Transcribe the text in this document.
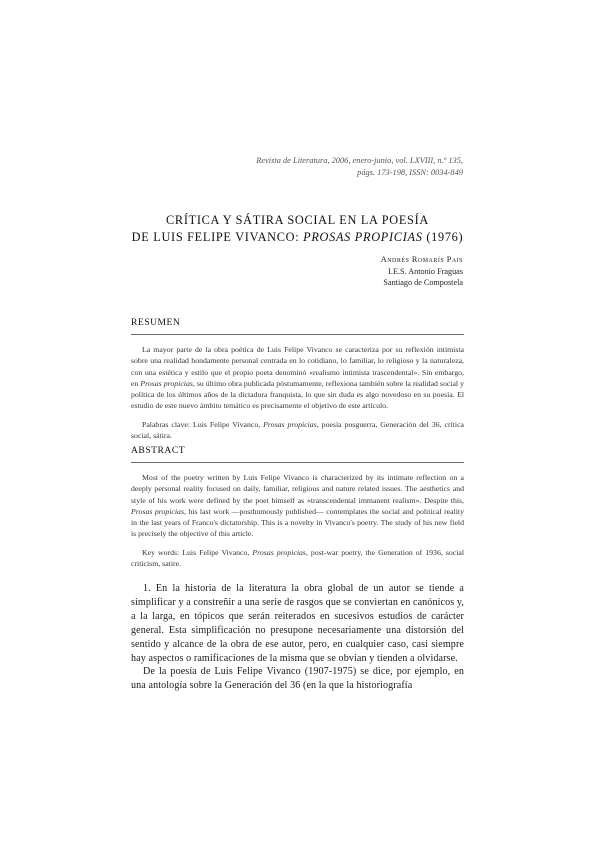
Revista de Literatura, 2006, enero-junio, vol. LXVIII, n.º 135,
págs. 173-198, ISSN: 0034-849
CRÍTICA Y SÁTIRA SOCIAL EN LA POESÍA
DE LUIS FELIPE VIVANCO: PROSAS PROPICIAS (1976)
Andrés Romarís Pais
I.E.S. Antonio Fraguas
Santiago de Compostela
RESUMEN

La mayor parte de la obra poética de Luis Felipe Vivanco se caracteriza por su reflexión intimista sobre una realidad hondamente personal centrada en lo cotidiano, lo familiar, lo religioso y la naturaleza, con una estética y estilo que el propio poeta denominó «realismo intimista trascendental». Sin embargo, en Prosas propicias, su último obra publicada póstumamente, reflexiona también sobre la realidad social y política de los últimos años de la dictadura franquista, lo que sin duda es algo novedoso en su poesía. El estudio de este nuevo ámbito temático es precisamente el objetivo de este artículo.

Palabras clave: Luis Felipe Vivanco, Prosas propicias, poesía posguerra, Generación del 36, crítica social, sátira.

ABSTRACT

Most of the poetry written by Luis Felipe Vivanco is characterized by its intimate reflection on a deeply personal reality focused on daily, familiar, religious and nature related issues. The aesthetics and style of his work were defined by the poet himself as «transcendental immanent realism». Despite this, Prosas propicias, his last work —posthumously published— contemplates the social and political reality in the last years of Franco's dictatorship. This is a novelty in Vivanco's poetry. The study of his new field is precisely the objective of this article.

Key words: Luis Felipe Vivanco, Prosas propicias, post-war poetry, the Generation of 1936, social criticism, satire.

1. En la historia de la literatura la obra global de un autor se tiende a simplificar y a constreñir a una serie de rasgos que se conviertan en canónicos y, a la larga, en tópicos que serán reiterados en sucesivos estudios de carácter general. Esta simplificación no presupone necesariamente una distorsión del sentido y alcance de la obra de ese autor, pero, en cualquier caso, casi siempre hay aspectos o ramificaciones de la misma que se obvian y tienden a olvidarse.

De la poesía de Luis Felipe Vivanco (1907-1975) se dice, por ejemplo, en una antología sobre la Generación del 36 (en la que la historiografía
